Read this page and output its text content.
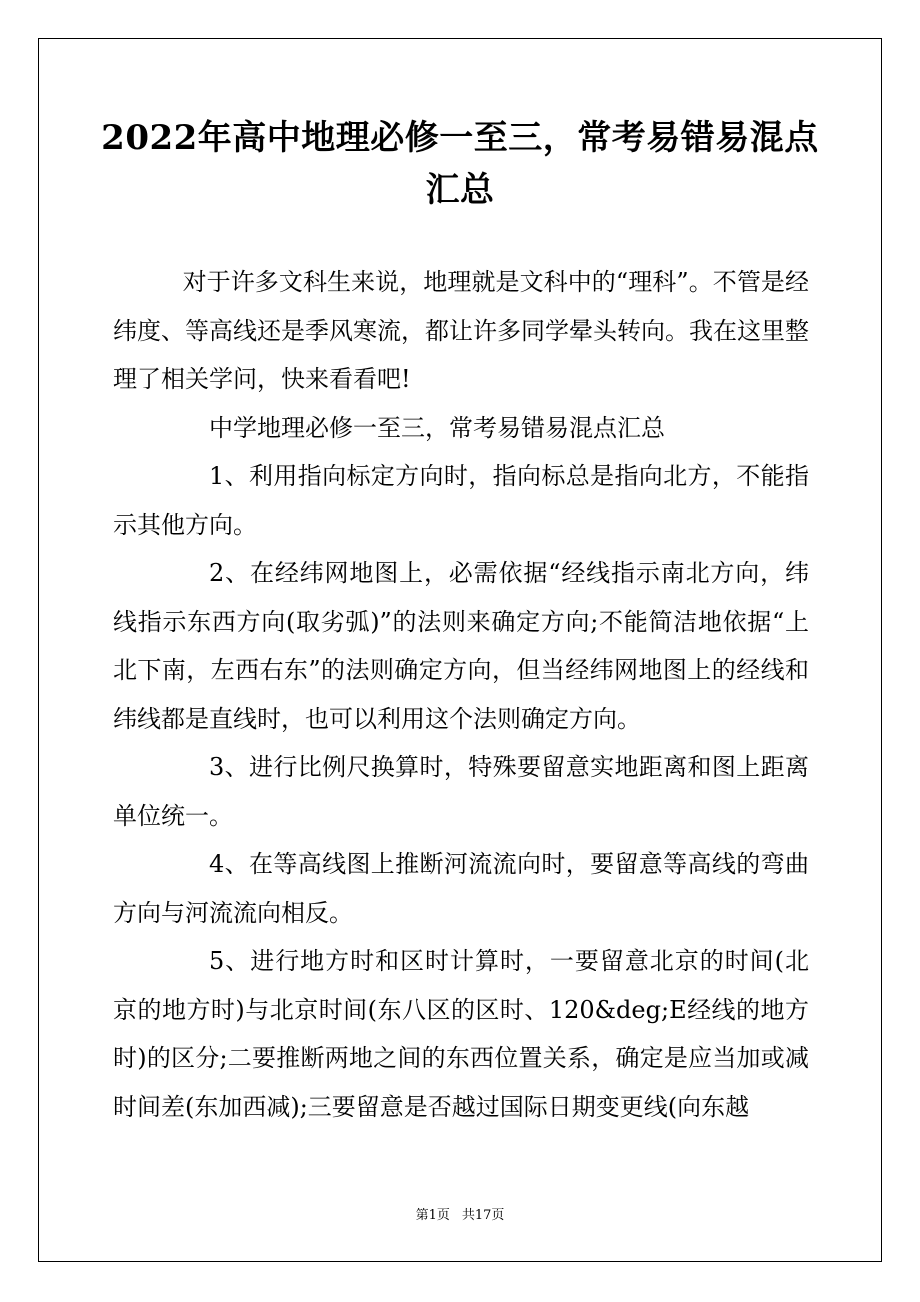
2022年高中地理必修一至三，常考易错易混点汇总

对于许多文科生来说，地理就是文科中的“理科”。不管是经纬度、等高线还是季风寒流，都让许多同学晕头转向。我在这里整理了相关学问，快来看看吧!

中学地理必修一至三，常考易错易混点汇总

1、利用指向标定方向时，指向标总是指向北方，不能指示其他方向。

2、在经纬网地图上，必需依据“经线指示南北方向，纬线指示东西方向(取劣弧)”的法则来确定方向;不能简洁地依据“上北下南，左西右东”的法则确定方向，但当经纬网地图上的经线和纬线都是直线时，也可以利用这个法则确定方向。

3、进行比例尺换算时，特殊要留意实地距离和图上距离单位统一。

4、在等高线图上推断河流流向时，要留意等高线的弯曲方向与河流流向相反。

5、进行地方时和区时计算时，一要留意北京的时间(北京的地方时)与北京时间(东八区的区时、120&deg;E经线的地方时)的区分;二要推断两地之间的东西位置关系，确定是应当加或减时间差(东加西减);三要留意是否越过国际日期变更线(向东越

第1页 共17页
